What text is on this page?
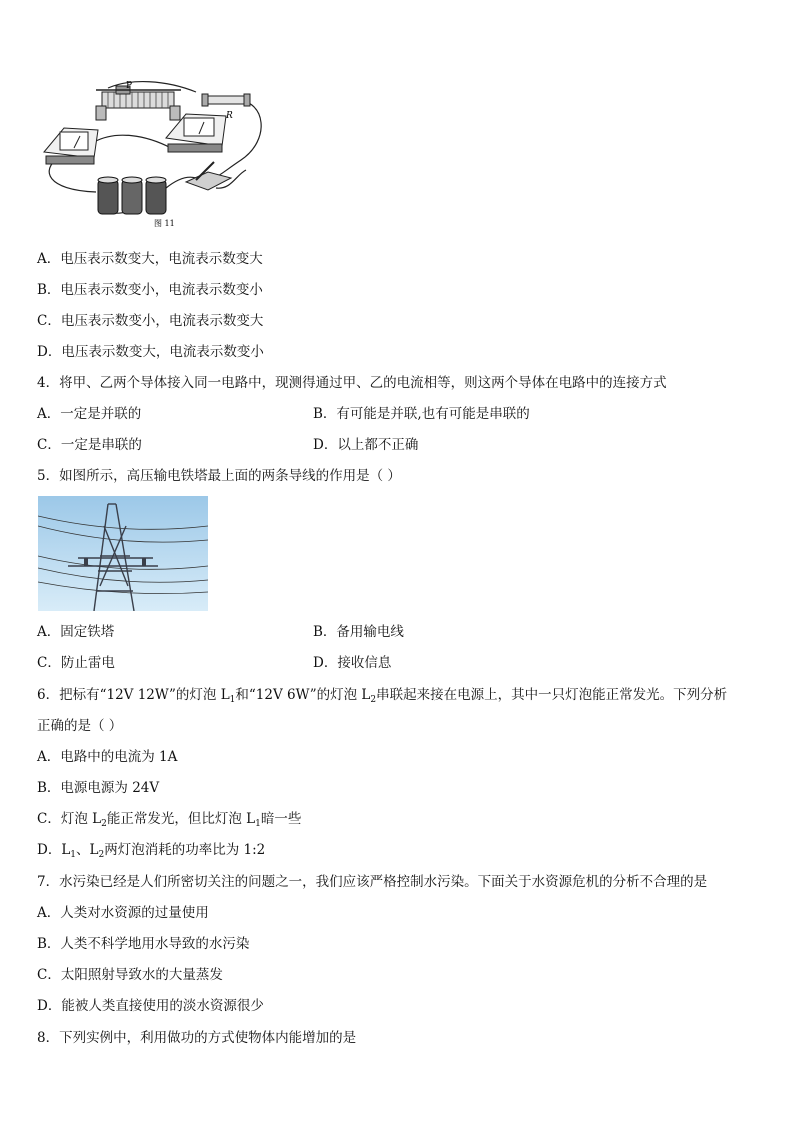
P
R
图 11
A．电压表示数变大，电流表示数变大
B．电压表示数变小，电流表示数变小
C．电压表示数变小，电流表示数变大
D．电压表示数变大，电流表示数变小
4．将甲、乙两个导体接入同一电路中，现测得通过甲、乙的电流相等，则这两个导体在电路中的连接方式
A．一定是并联的	B．有可能是并联,也有可能是串联的
C．一定是串联的	D．以上都不正确
5．如图所示，高压输电铁塔最上面的两条导线的作用是（ ）
A．固定铁塔	B．备用输电线
C．防止雷电	D．接收信息
6．把标有“12V 12W”的灯泡 $L_1$和“12V 6W”的灯泡 $L_2$串联起来接在电源上，其中一只灯泡能正常发光。下列分析
正确的是（ ）
A．电路中的电流为 1A
B．电源电源为 24V
C．灯泡 $L_2$能正常发光，但比灯泡 $L_1$暗一些
D．$L_1$、$L_2$两灯泡消耗的功率比为 1:2
7．水污染已经是人们所密切关注的问题之一，我们应该严格控制水污染。下面关于水资源危机的分析不合理的是
A．人类对水资源的过量使用
B．人类不科学地用水导致的水污染
C．太阳照射导致水的大量蒸发
D．能被人类直接使用的淡水资源很少
8．下列实例中，利用做功的方式使物体内能增加的是
